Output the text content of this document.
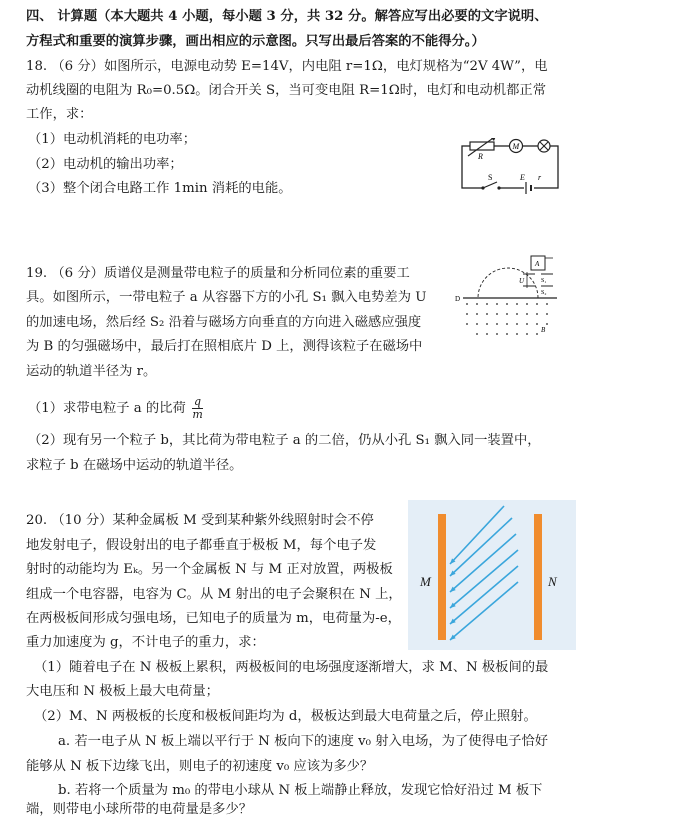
四、 计算题（本大题共 4 小题，每小题 3 分，共 32 分。解答应写出必要的文字说明、
方程式和重要的演算步骤，画出相应的示意图。只写出最后答案的不能得分。）
18. （6 分）如图所示，电源电动势 E=14V，内电阻 r=1Ω，电灯规格为“2V 4W”，电
动机线圈的电阻为 R₀=0.5Ω。闭合开关 S，当可变电阻 R=1Ω时，电灯和电动机都正常
工作，求：
（1）电动机消耗的电功率；
（2）电动机的输出功率；
（3）整个闭合电路工作 1min 消耗的电能。
R
M
S	E r
19. （6 分）质谱仪是测量带电粒子的质量和分析同位素的重要工
具。如图所示，一带电粒子 a 从容器下方的小孔 S₁ 飘入电势差为 U
的加速电场，然后经 S₂ 沿着与磁场方向垂直的方向进入磁感应强度
为 B 的匀强磁场中，最后打在照相底片 D 上，测得该粒子在磁场中
运动的轨道半径为 r。
（1）求带电粒子 a 的比荷 $\frac{q}{m}$
（2）现有另一个粒子 b，其比荷为带电粒子 a 的二倍，仍从小孔 S₁ 飘入同一装置中，
求粒子 b 在磁场中运动的轨道半径。
A
S₁
S₂
U
D
B
20. （10 分）某种金属板 M 受到某种紫外线照射时会不停
地发射电子，假设射出的电子都垂直于极板 M，每个电子发
射时的动能均为 Eₖ。另一个金属板 N 与 M 正对放置，两极板
组成一个电容器，电容为 C。从 M 射出的电子会聚积在 N 上，
在两极板间形成匀强电场，已知电子的质量为 m，电荷量为-e，
重力加速度为 g，不计电子的重力，求：
（1）随着电子在 N 极板上累积，两极板间的电场强度逐渐增大，求 M、N 极板间的最
大电压和 N 极板上最大电荷量；
（2）M、N 两极板的长度和极板间距均为 d，极板达到最大电荷量之后，停止照射。
a. 若一电子从 N 板上端以平行于 N 板向下的速度 v₀ 射入电场，为了使得电子恰好
能够从 N 板下边缘飞出，则电子的初速度 v₀ 应该为多少？
b. 若将一个质量为 m₀ 的带电小球从 N 板上端静止释放，发现它恰好沿过 M 板下
端，则带电小球所带的电荷量是多少？
M	N
